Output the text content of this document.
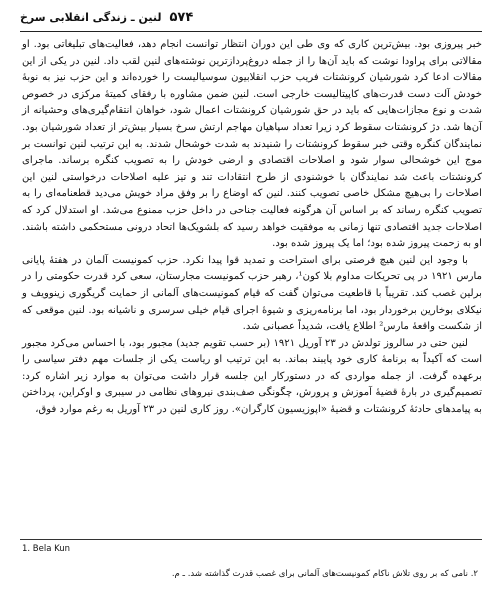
۵۷۴
لنین ـ زندگی انقلابی سرخ

خبر پیروزی بود. بیش‌ترین کاری که وی طی این دوران انتظار توانست انجام دهد، فعالیت‌های تبلیغاتی بود. او مقالاتی برای پراودا نوشت که باید آن‌ها را از جمله دروغ‌پردازترین نوشته‌های لنین لقب داد. لنین در یکی از این مقالات ادعا کرد شورشیان کرونشتات فریب حزب انقلابیون سوسیالیست را خورده‌اند و این حزب نیز به نوبهٔ خودش آلت دست قدرت‌های کاپیتالیست خارجی است. لنین ضمن مشاوره با رفقای کمیتهٔ مرکزی در خصوص شدت و نوع مجازات‌هایی که باید در حق شورشیان کرونشتات اعمال شود، خواهان انتقام‌گیری‌های وحشیانه از آن‌ها شد. دژ کرونشتات سقوط کرد زیرا تعداد سپاهیان مهاجم ارتش سرخ بسیار بیش‌تر از تعداد شورشیان بود. نمایندگان کنگره وقتی خبر سقوط کرونشتات را شنیدند به شدت خوشحال شدند. به این ترتیب لنین توانست بر موج این خوشحالی سوار شود و اصلاحات اقتصادی و ارضی خودش را به تصویب کنگره برساند. ماجرای کرونشتات باعث شد نمایندگان با خوشنودی از طرح انتقادات تند و تیز علیه اصلاحات درخواستی لنین این اصلاحات را بی‌هیچ مشکل خاصی تصویب کنند. لنین که اوضاع را بر وفق مراد خویش می‌دید قطعنامه‌ای را به تصویب کنگره رساند که بر اساس آن هرگونه فعالیت جناحی در داخل حزب ممنوع می‌شد. او استدلال کرد که اصلاحات جدید اقتصادی تنها زمانی به موفقیت خواهد رسید که بلشویک‌ها اتحاد درونی مستحکمی داشته باشند. او به زحمت پیروز شده بود؛ اما یک پیروز شده بود.

با وجود این لنین هیچ فرصتی برای استراحت و تمدید قوا پیدا نکرد. حزب کمونیست آلمان در هفتهٔ پایانی مارس ۱۹۲۱ در پی تحریکات مداوم بلا کون¹، رهبر حزب کمونیست مجارستان، سعی کرد قدرت حکومتی را در برلین غصب کند. تقریباً با قاطعیت می‌توان گفت که قیام کمونیست‌های آلمانی از حمایت گریگوری زینوویف و نیکلای بوخارین برخوردار بود، اما برنامه‌ریزی و شیوهٔ اجرای قیام خیلی سرسری و ناشیانه بود. لنین موقعی که از شکست واقعهٔ مارس² اطلاع یافت، شدیداً عصبانی شد.

لنین حتی در سالروز تولدش در ۲۳ آوریل ۱۹۲۱ (بر حسب تقویم جدید) مجبور بود، با احساس می‌کرد مجبور است که آکیداً به برنامهٔ کاری خود پایبند بماند. به این ترتیب او ریاست یکی از جلسات مهم دفتر سیاسی را برعهده گرفت. از جمله مواردی که در دستورکار این جلسه قرار داشت می‌توان به موارد زیر اشاره کرد: تصمیم‌گیری در بارهٔ قضیهٔ آموزش و پرورش، چگونگی صف‌بندی نیروهای نظامی در سیبری و اوکراین، پرداختن به پیامدهای حادثهٔ کرونشتات و قضیهٔ «اپوزیسیون کارگران». روز کاری لنین در ۲۳ آوریل به رغم موارد فوق،

1. Bela Kun
۲. نامی که بر روی تلاش ناکام کمونیست‌های آلمانی برای غصب قدرت گذاشته شد. ـ م.
